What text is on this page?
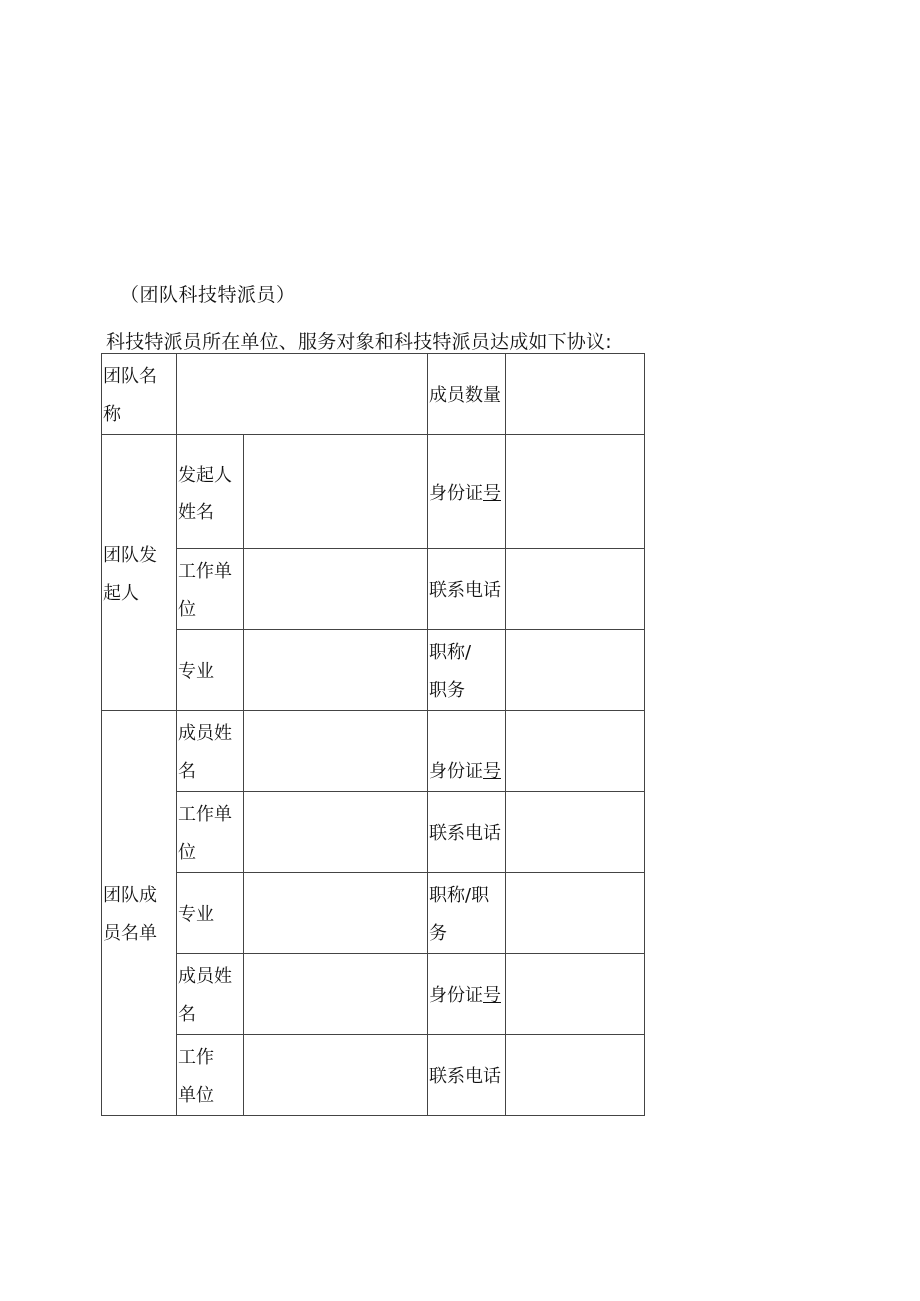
（团队科技特派员）
科技特派员所在单位、服务对象和科技特派员达成如下协议:
团队名称			成员数量	

团队发起人	发起人姓名		身份证号	

	工作单位		联系电话	

	专业		职称/职务	

团队成员名单	成员姓名		身份证号	

	工作单位		联系电话	

	专业		职称/职务	

	成员姓名		身份证号	

	工作单位		联系电话	
